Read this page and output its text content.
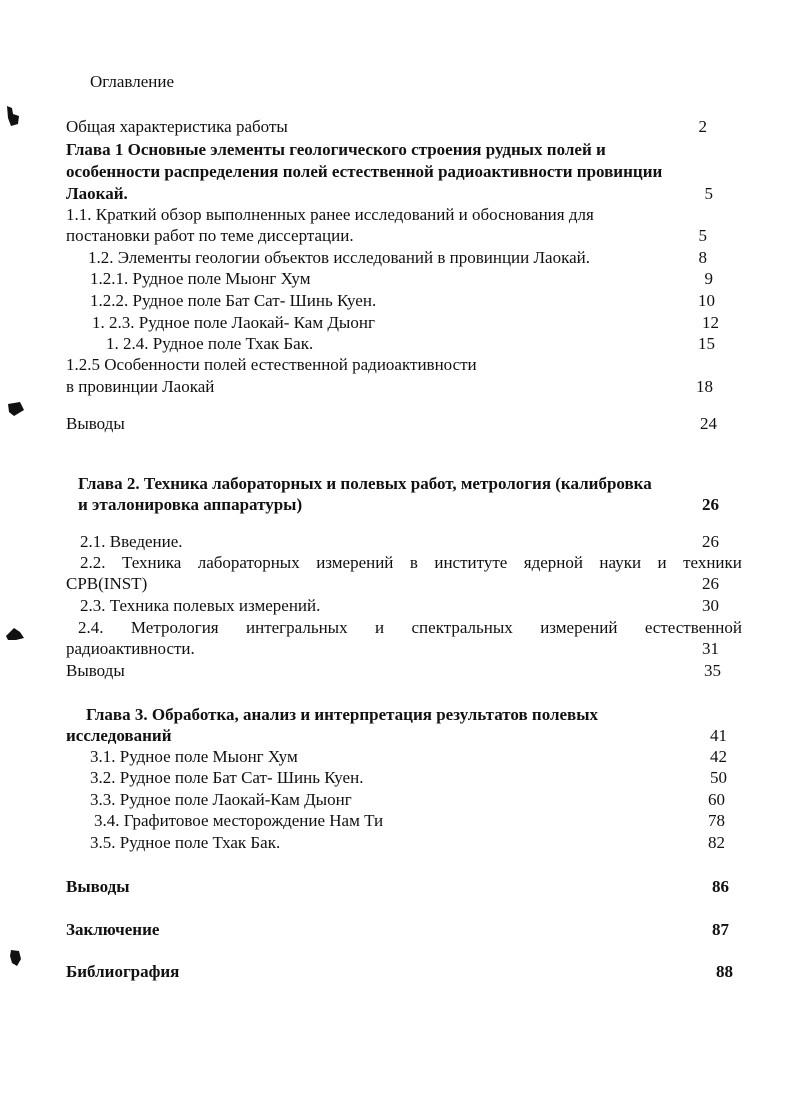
Оглавление
Общая характеристика работы	2
Глава 1 Основные элементы геологического строения рудных полей и
особенности распределения полей естественной радиоактивности провинции
Лаокай.	5
1.1. Краткий обзор выполненных ранее исследований и обоснования для
постановки работ по теме диссертации.	5
1.2. Элементы геологии объектов исследований в провинции Лаокай.	8
1.2.1. Рудное поле Мыонг Хум	9
1.2.2. Рудное поле Бат Сат- Шинь Куен.	10
1. 2.3. Рудное поле Лаокай- Кам Дыонг	12
1. 2.4. Рудное поле Тхак Бак.	15
1.2.5 Особенности полей естественной радиоактивности
в провинции Лаокай	18
Выводы	24
Глава 2. Техника лабораторных и полевых работ, метрология (калибровка
и эталонировка аппаратуры)	26
2.1. Введение.	26
2.2. Техника лабораторных измерений в институте ядерной науки и техники
CPB(INST)	26
2.3. Техника полевых измерений.	30
2.4. Метрология интегральных и спектральных измерений естественной
радиоактивности.	31
Выводы	35
Глава 3. Обработка, анализ и интерпретация результатов полевых
исследований	41
3.1. Рудное поле Мыонг Хум	42
3.2. Рудное поле Бат Сат- Шинь Куен.	50
3.3. Рудное поле Лаокай-Кам Дыонг	60
3.4. Графитовое месторождение Нам Ти	78
3.5. Рудное поле Тхак Бак.	82
Выводы	86
Заключение	87
Библиография	88
